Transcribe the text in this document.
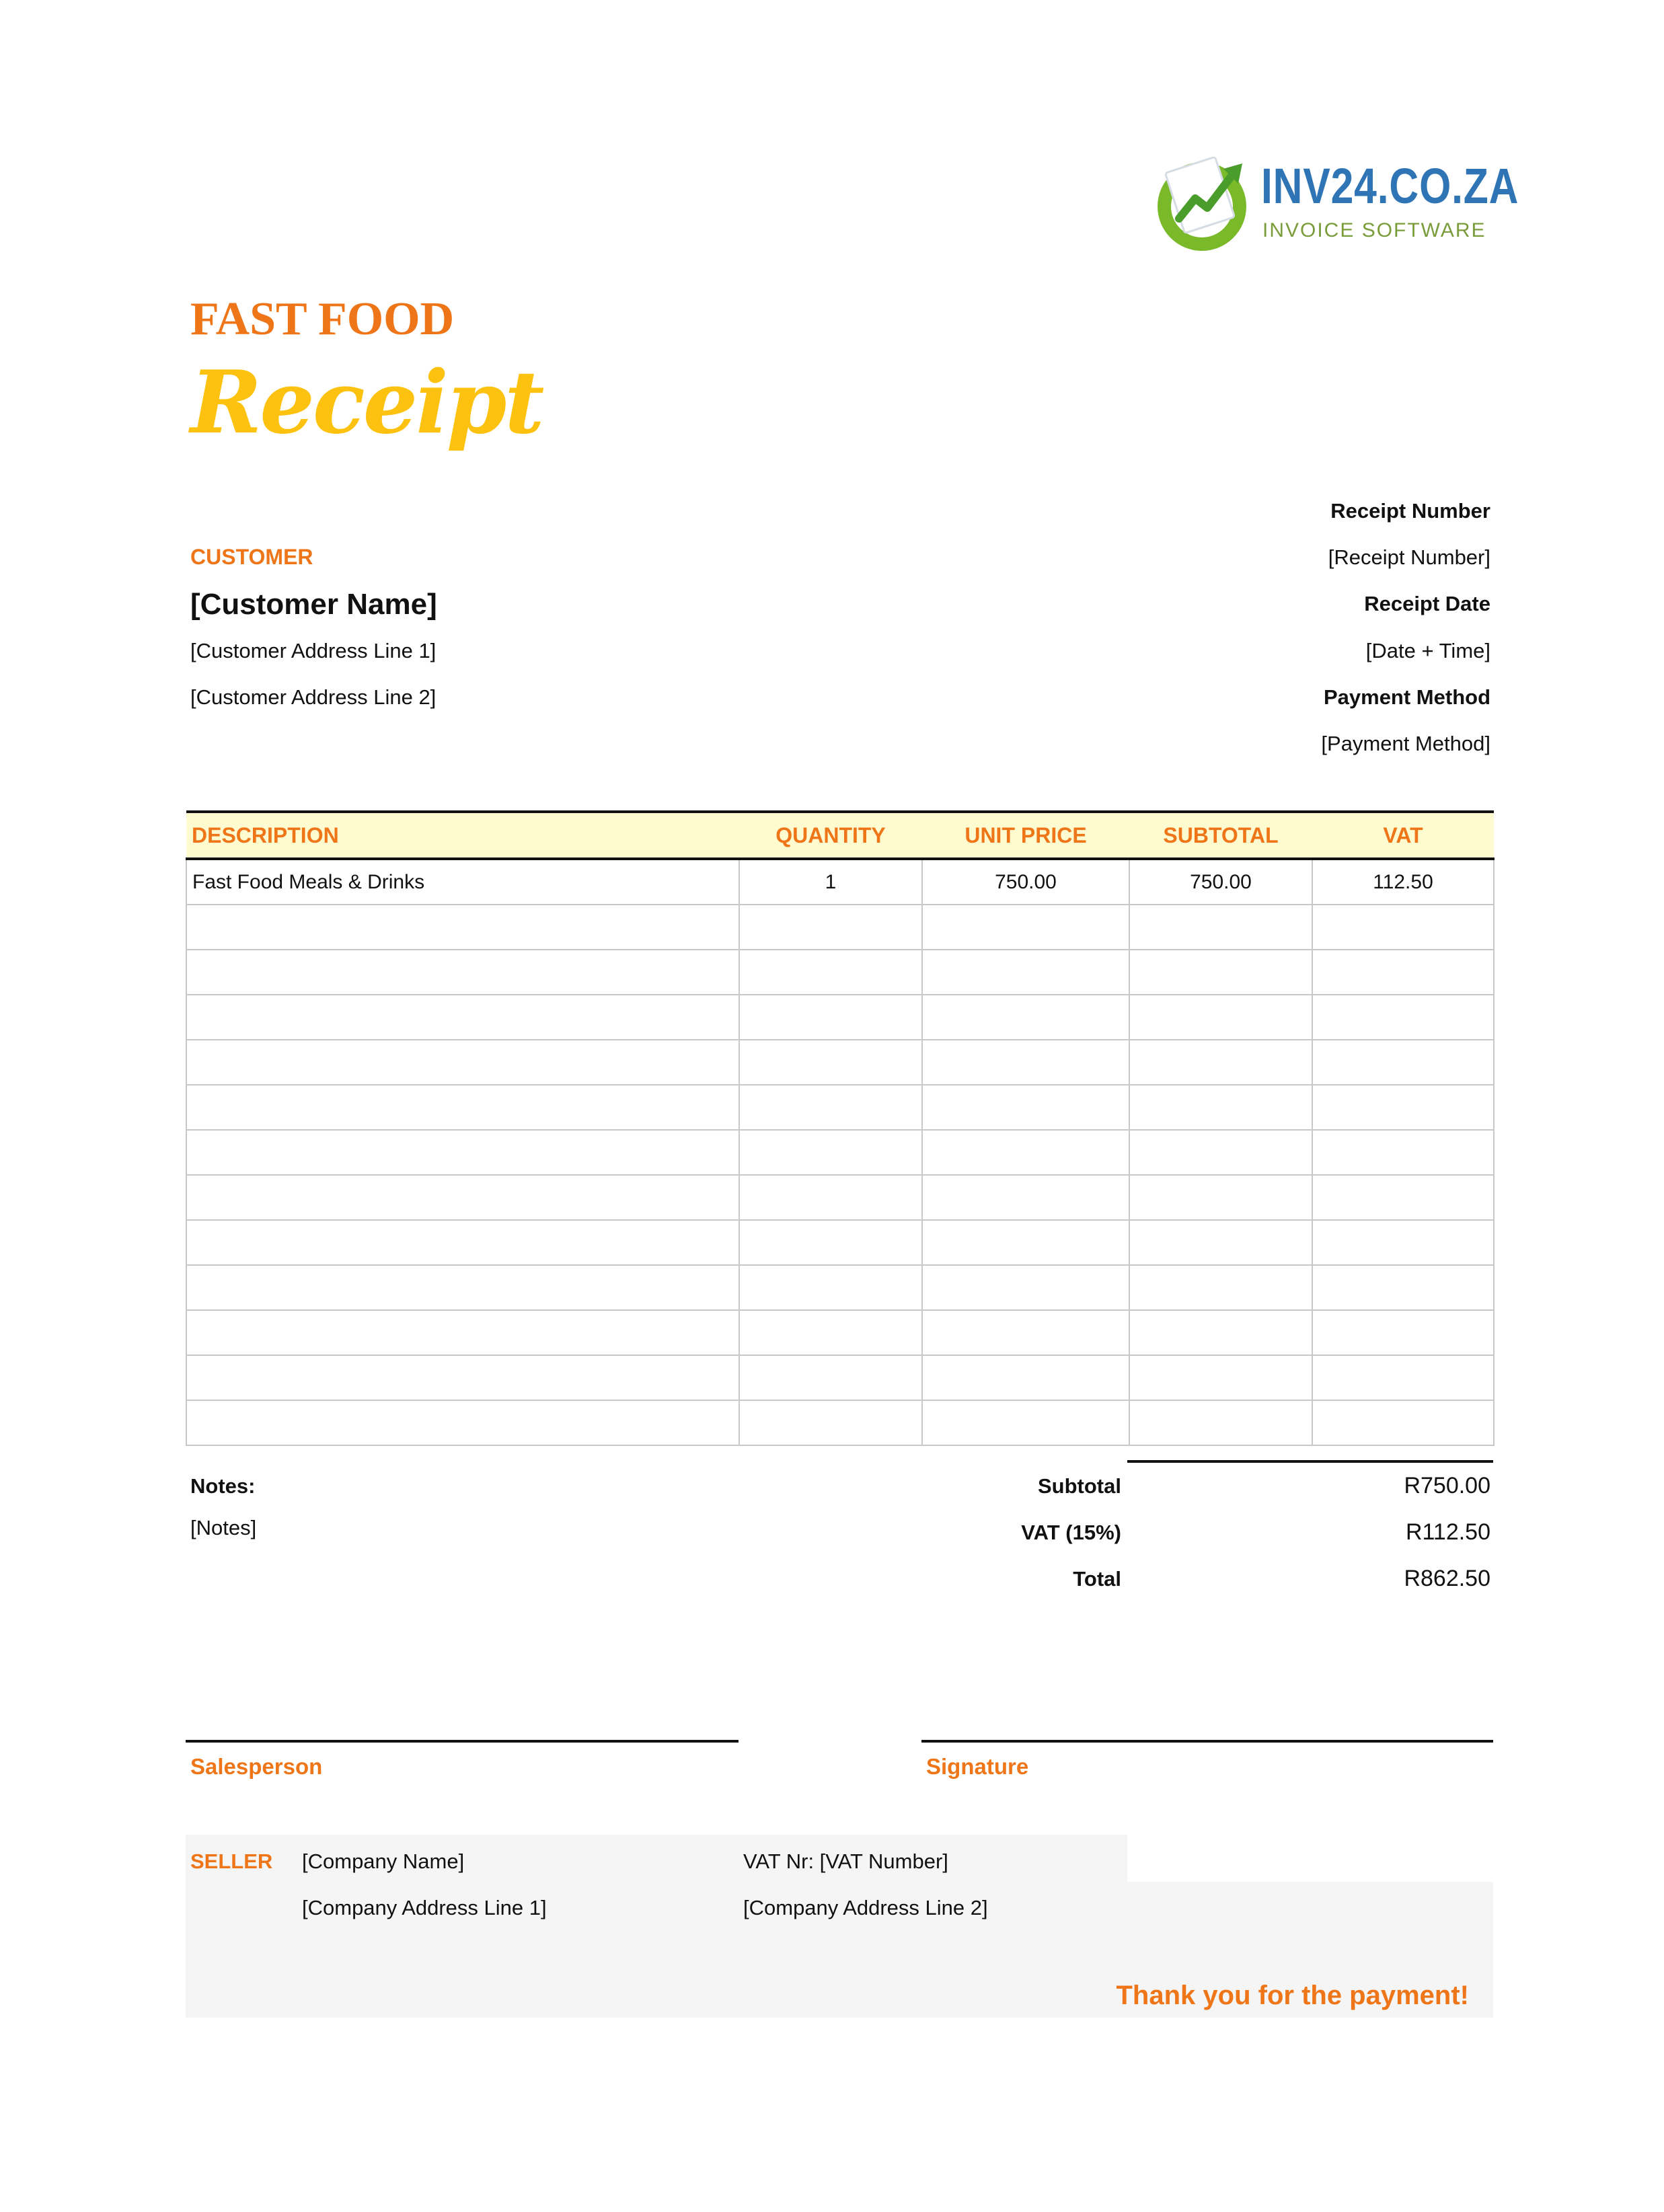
INV24.CO.ZA
INVOICE SOFTWARE
FAST FOOD
Receipt
CUSTOMER
[Customer Name]
[Customer Address Line 1]
[Customer Address Line 2]
Receipt Number
[Receipt Number]
Receipt Date
[Date + Time]
Payment Method
[Payment Method]
DESCRIPTION	QUANTITY	UNIT PRICE	SUBTOTAL	VAT
Fast Food Meals & Drinks	1	750.00	750.00	112.50

Notes:
[Notes]
Subtotal	R750.00
VAT (15%)	R112.50
Total	R862.50
Salesperson	Signature
SELLER [Company Name]	VAT Nr: [VAT Number]
[Company Address Line 1]	[Company Address Line 2]
Thank you for the payment!
